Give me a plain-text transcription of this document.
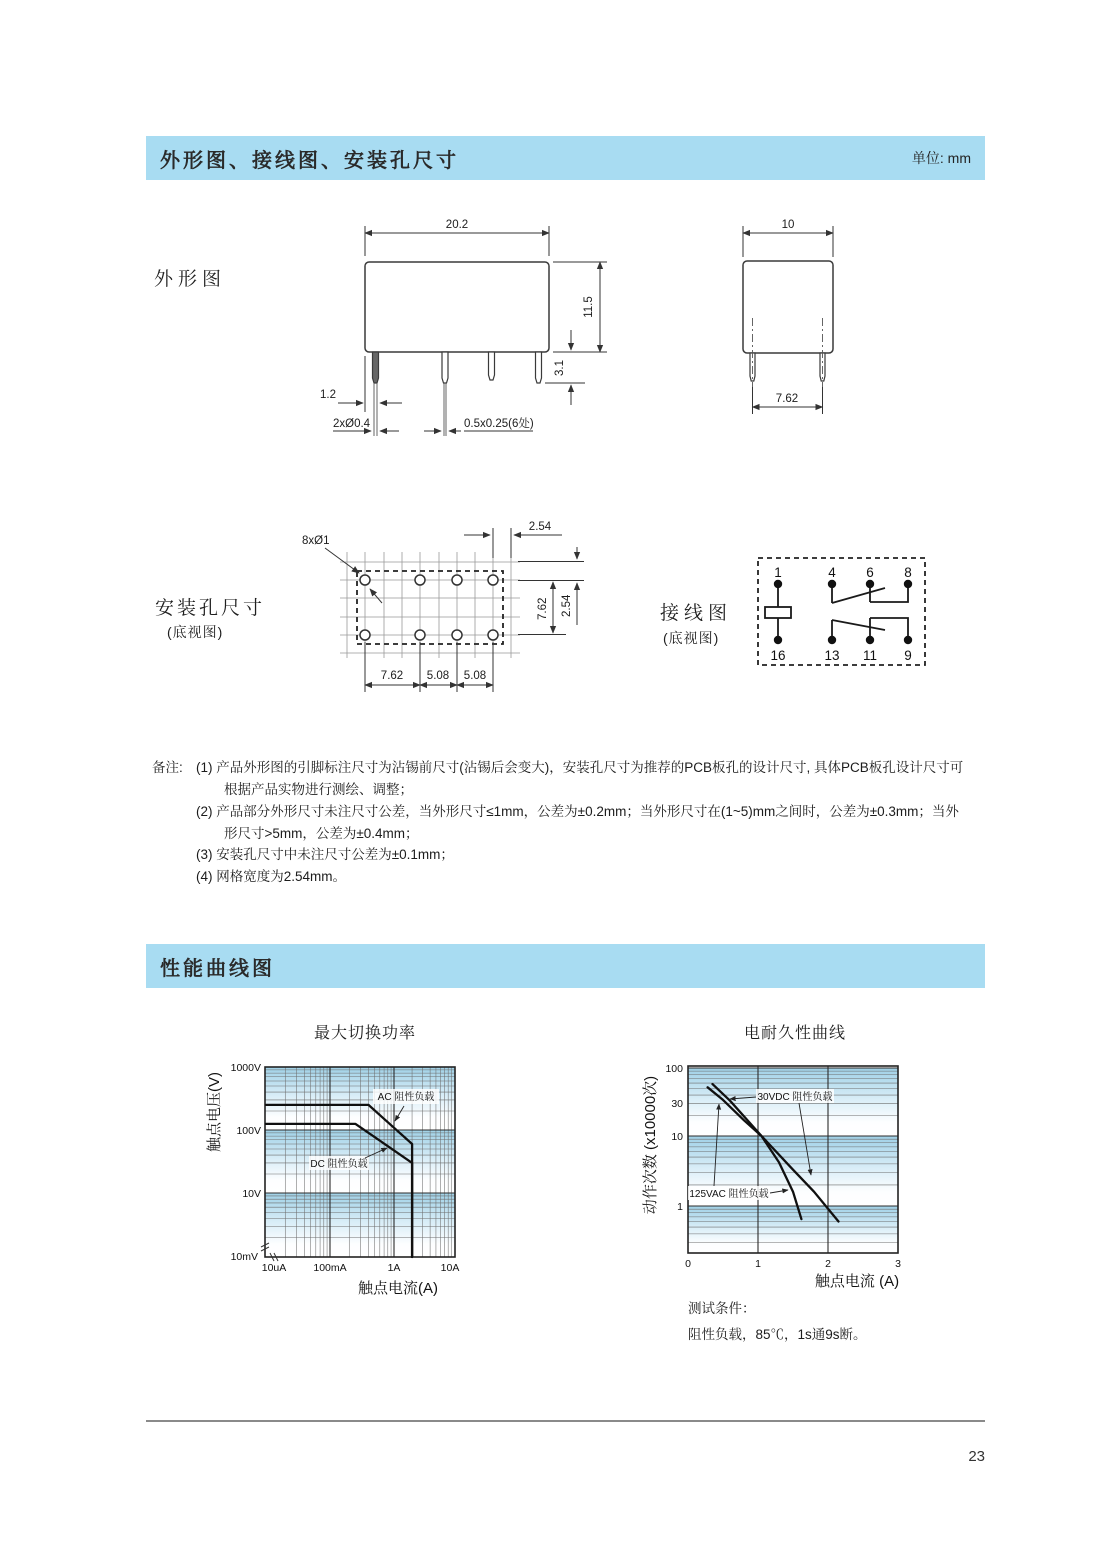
外形图、接线图、安装孔尺寸	单位: mm
外形图
安装孔尺寸
(底视图)
接线图
(底视图)
备注: (1) 产品外形图的引脚标注尺寸为沾锡前尺寸(沾锡后会变大)，安装孔尺寸为推荐的PCB板孔的设计尺寸, 具体PCB板孔设计尺寸可根据产品实物进行测绘、调整；
(2) 产品部分外形尺寸未注尺寸公差，当外形尺寸≤1mm，公差为±0.2mm；当外形尺寸在(1~5)mm之间时，公差为±0.3mm；当外形尺寸>5mm，公差为±0.4mm；
(3) 安装孔尺寸中未注尺寸公差为±0.1mm；
(4) 网格宽度为2.54mm。
性能曲线图
最大切换功率	电耐久性曲线
测试条件：
阻性负载，85℃，1s通9s断。
23
20.2
11.5
3.1
1.2
2xØ0.4	0.5x0.25(6处)
10
7.62
8xØ1
2.54
2.54
7.62
7.62 5.08 5.08
1	4 6 8
16	13 11 9
1000V
100V
10V
10mV
10uA	100mA	1A	10A
触点电压(V)
触点电流(A)
AC 阻性负载
DC 阻性负载
100
30
10
1
0	1	2	3
动作次数 (x10000次)
触点电流 (A)
30VDC 阻性负载
125VAC 阻性负载
